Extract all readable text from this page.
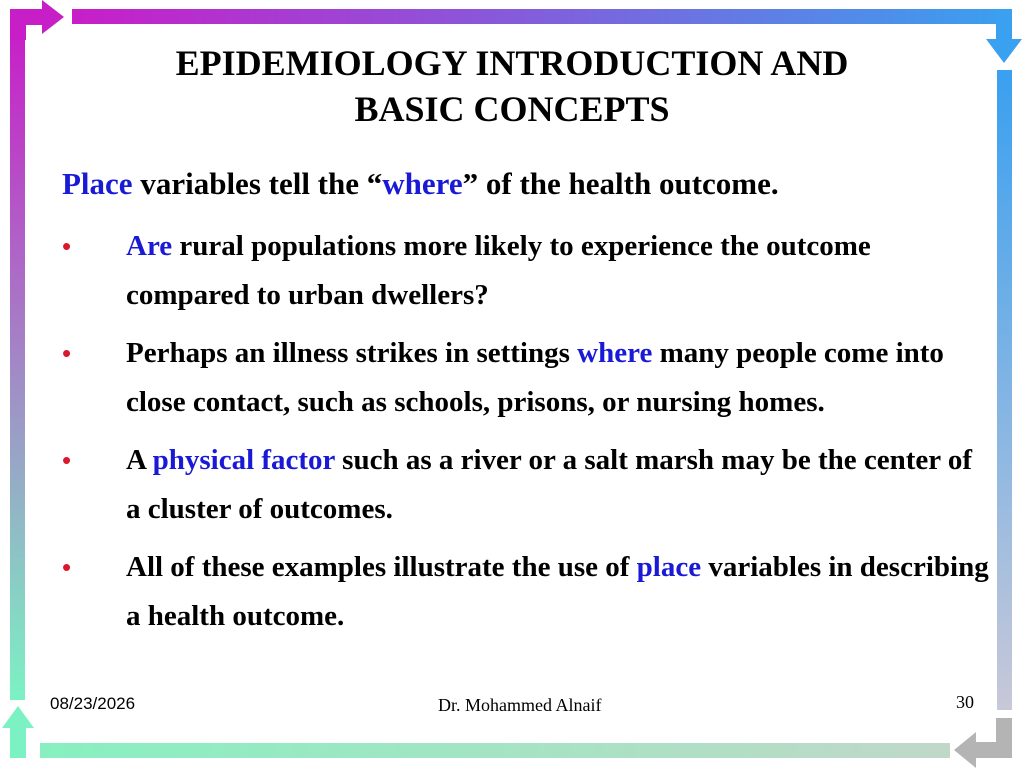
EPIDEMIOLOGY INTRODUCTION AND
BASIC CONCEPTS
Place variables tell the “where” of the health outcome.
• Are rural populations more likely to experience the outcome compared to urban dwellers?
• Perhaps an illness strikes in settings where many people come into close contact, such as schools, prisons, or nursing homes.
• A physical factor such as a river or a salt marsh may be the center of a cluster of outcomes.
• All of these examples illustrate the use of place variables in describing a health outcome.
08/23/2026	Dr. Mohammed Alnaif	30
